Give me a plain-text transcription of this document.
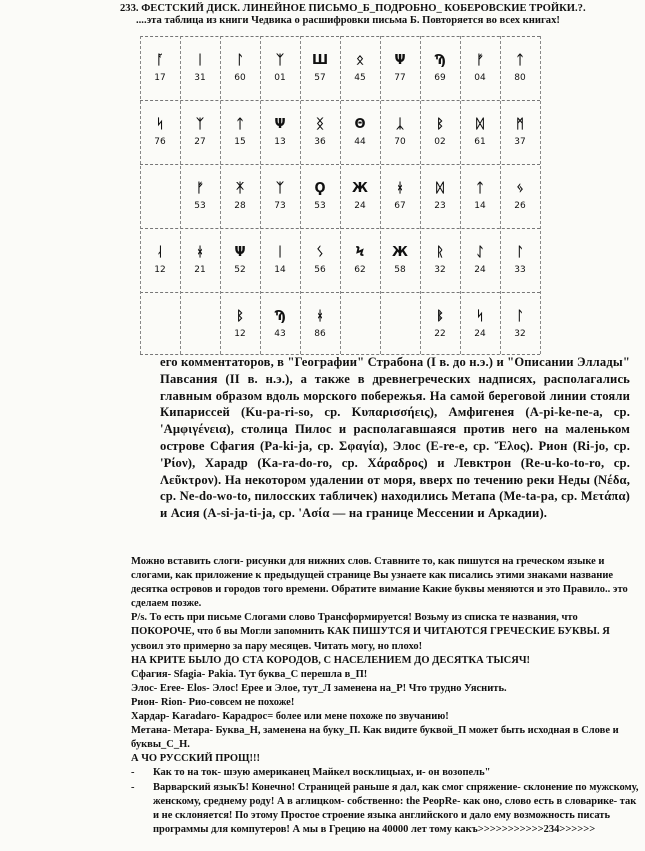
233. ФЕСТСКИЙ ДИСК. ЛИНЕЙНОЕ ПИСЬМО_Б_ПОДРОБНО_ КОБЕРОВСКИЕ ТРОЙКИ.?.
....эта таблица из книги Чедвика о расшифровки письма Б. Повторяется во всех книгах!
ᚪ
17
ᛁ
31
ᛚ
60
ᛉ
01
Ш
57
ᛟ
45
Ψ
77
Ϡ
69
ᚠ
04
ᛏ
80
ᛋ
76
ᛉ
27
ᛏ
15
Ψ
13
ᛝ
36
Θ
44
ᛣ
70
ᛒ
02
ᛞ
61
ᛗ
37
ᚠ
53
ᛡ
28
ᛉ
73
Ϙ
53
Ж
24
ᚼ
67
ᛞ
23
ᛏ
14
ᛃ
26
ᛆ
12
ᚼ
21
Ψ
52
ᛁ
14
ᛊ
56
Ϟ
62
Ж
58
ᚱ
32
ᛇ
24
ᛚ
33
ᛒ
12
Ϡ
43
ᚼ
86
ᛔ
22
ᛋ
24
ᛚ
32

его комментаторов, в "Географии" Страбона (I в. до н.э.) и "Описании Эллады" Павсания (II в. н.э.), а также в древнегреческих надписях, располагались главным образом вдоль морского побережья. На самой береговой линии стояли Кипариссей (Ku-pa-ri-so, ср. Κυπαρισσήεις), Амфигенея (A-pi-ke-ne-a, ср. 'Αμφιγένεια), столица Пилос и располагавшаяся против него на маленьком острове Сфагия (Pa-ki-ja, ср. Σφαγία), Элос (E-re-e, ср. Ἕλος). Рион (Ri-jo, ср. 'Ρίον), Харадр (Ka-ra-do-ro, ср. Χάραδρος) и Левктрон (Re-u-ko-to-ro, ср. Λεῦκτρον). На некотором удалении от моря, вверх по течению реки Неды (Νέδα, ср. Ne-do-wo-to, пилосских табличек) находились Метапа (Me-ta-pa, ср. Μετάπα) и Асия (A-si-ja-ti-ja, ср. 'Ασία — на границе Мессении и Аркадии).

Можно вставить слоги- рисунки для нижних слов. Ставните то, как пишутся на греческом языке и слогами, как приложение к предыдущей странице Вы узнаете как писались этими знаками название десятка островов и городов того времени. Обратите вимание Какие буквы меняются и это Правило.. это сделаем позже.

P/s. То есть при письме Слогами слово Трансформируется! Возьму из списка те названия, что ПОКОРОЧЕ, что б вы Могли запомнить КАК ПИШУТСЯ И ЧИТАЮТСЯ ГРЕЧЕСКИЕ БУКВЫ. Я усвоил это примерно за пару месяцев. Читать могу, но плохо!

НА КРИТЕ БЫЛО ДО СТА КОРОДОВ, С НАСЕЛЕНИЕМ ДО ДЕСЯТКА ТЫСЯЧ!

Сфагия- Sfagia- Pakia. Тут буква_С перешла в_П!

Элос- Eree- Elos- Элос! Ерее и Элое, тут_Л заменена на_Р! Что трудно Уяснить.

Рион- Rion- Рио-совсем не похоже!

Хардар- Karadaro- Карадрос= более или мене похоже по звучанию!

Метана- Метара- Буква_Н, заменена на буку_П. Как видите буквой_П может быть исходная в Слове и буквы_С_Н.

А ЧО РУССКИЙ ПРОЩ!!!

-	Как то на ток- шэую американец Майкел восклицыах, и- он возопель"
-	Варварский языкЪ! Конечно! Страницей раньше я дал, как смог спряжение- склонение по мужскому, женскому, среднему роду! А в аглицком- собственно: the PeopRe- как оно, слово есть в словарике- так и не склоняется! По этому Простое строение языка английского и дало ему возможность писать программы для компутеров! А мы в Грецию на 40000 лет тому какъ>>>>>>>>>>>234>>>>>>
